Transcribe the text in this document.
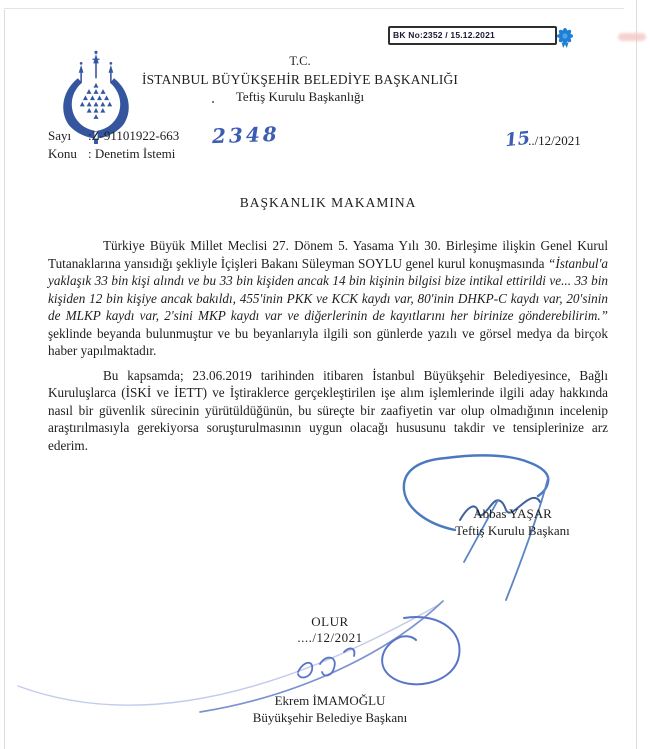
BK No:2352 / 15.12.2021
T.C.
İSTANBUL BÜYÜKŞEHİR BELEDİYE BAŞKANLIĞI
Teftiş Kurulu Başkanlığı
Sayı :Z-91101922-663
Konu : Denetim İstemi
2348	15../12/2021
BAŞKANLIK MAKAMINA

Türkiye Büyük Millet Meclisi 27. Dönem 5. Yasama Yılı 30. Birleşime ilişkin Genel Kurul Tutanaklarına yansıdığı şekliyle İçişleri Bakanı Süleyman SOYLU genel kurul konuşmasında “İstanbul'a yaklaşık 33 bin kişi alındı ve bu 33 bin kişiden ancak 14 bin kişinin bilgisi bize intikal ettirildi ve... 33 bin kişiden 12 bin kişiye ancak bakıldı, 455'inin PKK ve KCK kaydı var, 80'inin DHKP-C kaydı var, 20'sinin de MLKP kaydı var, 2'sini MKP kaydı var ve diğerlerinin de kayıtlarını her birinize gönderebilirim.” şeklinde beyanda bulunmuştur ve bu beyanlarıyla ilgili son günlerde yazılı ve görsel medya da birçok haber yapılmaktadır.

Bu kapsamda; 23.06.2019 tarihinden itibaren İstanbul Büyükşehir Belediyesince, Bağlı Kuruluşlarca (İSKİ ve İETT) ve İştiraklerce gerçekleştirilen işe alım işlemlerinde ilgili aday hakkında nasıl bir güvenlik sürecinin yürütüldüğünün, bu süreçte bir zaafiyetin var olup olmadığının incelenip araştırılmasıyla gerekiyorsa soruşturulmasının uygun olacağı hususunu takdir ve tensiplerinize arz ederim.

Abbas YAŞAR
Teftiş Kurulu Başkanı
OLUR
..../12/2021
Ekrem İMAMOĞLU
Büyükşehir Belediye Başkanı
